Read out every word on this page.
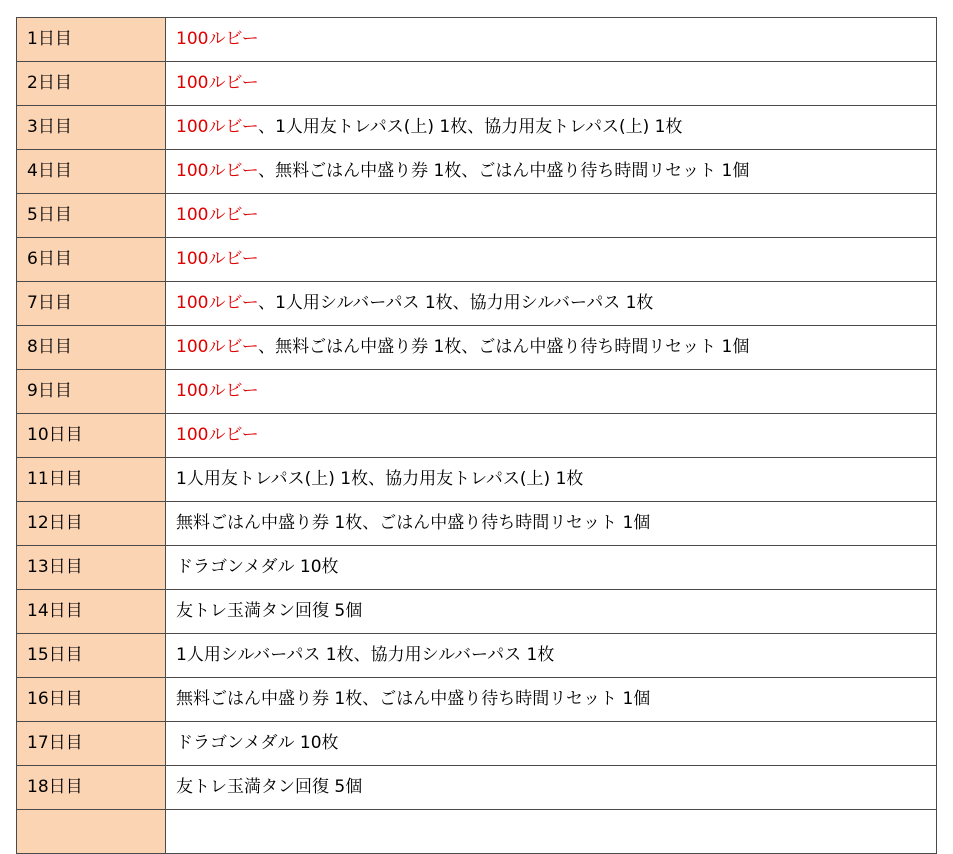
1日目	100ルビー
2日目	100ルビー
3日目	100ルビー、1人用友トレパス(上) 1枚、協力用友トレパス(上) 1枚
4日目	100ルビー、無料ごはん中盛り券 1枚、ごはん中盛り待ち時間リセット 1個
5日目	100ルビー
6日目	100ルビー
7日目	100ルビー、1人用シルバーパス 1枚、協力用シルバーパス 1枚
8日目	100ルビー、無料ごはん中盛り券 1枚、ごはん中盛り待ち時間リセット 1個
9日目	100ルビー
10日目	100ルビー
11日目	1人用友トレパス(上) 1枚、協力用友トレパス(上) 1枚
12日目	無料ごはん中盛り券 1枚、ごはん中盛り待ち時間リセット 1個
13日目	ドラゴンメダル 10枚
14日目	友トレ玉満タン回復 5個
15日目	1人用シルバーパス 1枚、協力用シルバーパス 1枚
16日目	無料ごはん中盛り券 1枚、ごはん中盛り待ち時間リセット 1個
17日目	ドラゴンメダル 10枚
18日目	友トレ玉満タン回復 5個
